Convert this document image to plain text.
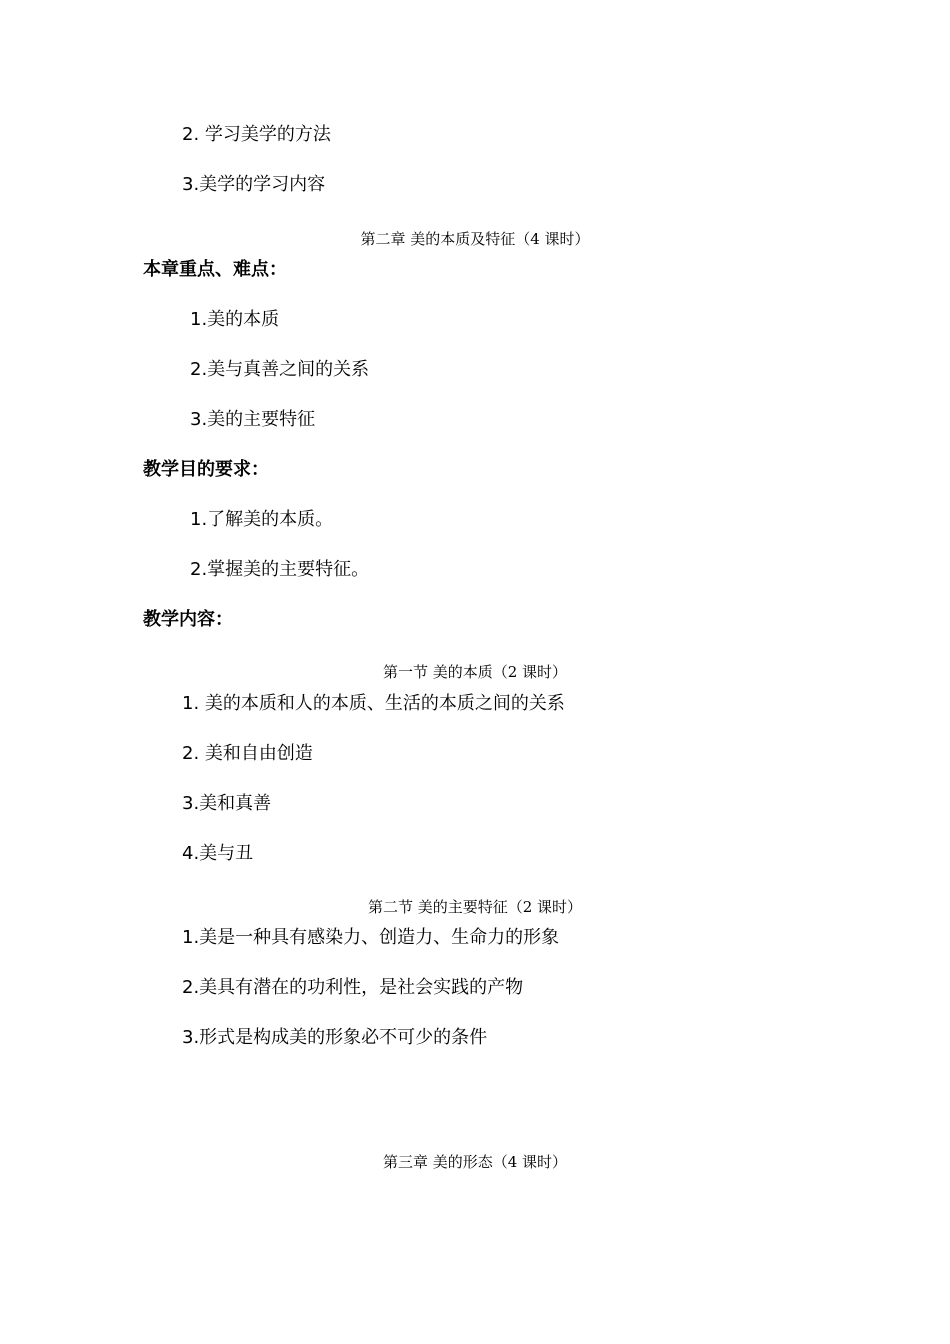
2. 学习美学的方法
3.美学的学习内容
第二章 美的本质及特征（4 课时）
本章重点、难点：
1.美的本质
2.美与真善之间的关系
3.美的主要特征
教学目的要求：
1.了解美的本质。
2.掌握美的主要特征。
教学内容：
第一节 美的本质（2 课时）
1. 美的本质和人的本质、生活的本质之间的关系
2. 美和自由创造
3.美和真善
4.美与丑
第二节 美的主要特征（2 课时）
1.美是一种具有感染力、创造力、生命力的形象
2.美具有潜在的功利性，是社会实践的产物
3.形式是构成美的形象必不可少的条件
第三章 美的形态（4 课时）
